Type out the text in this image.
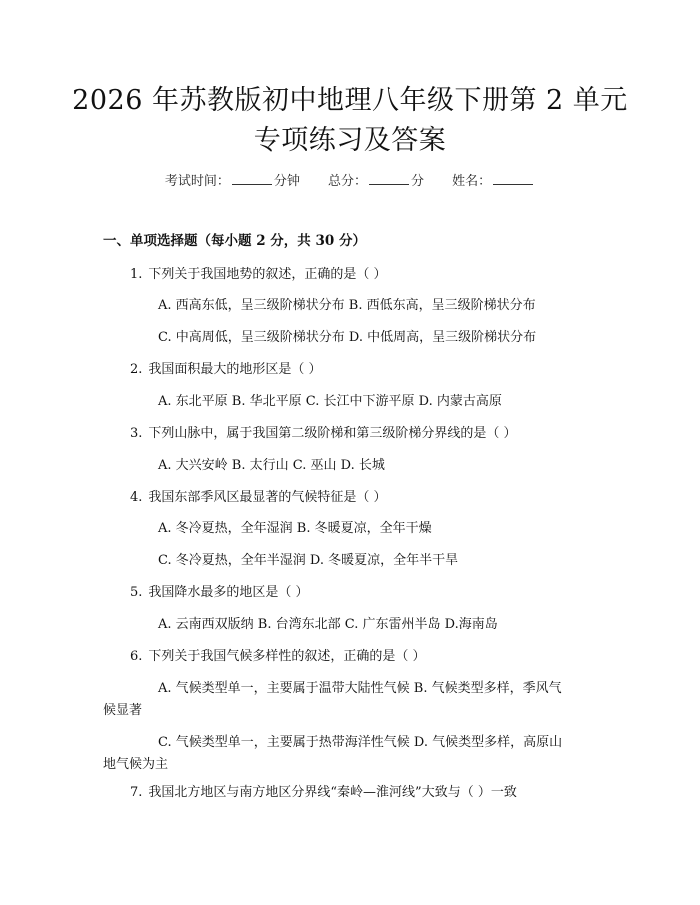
2026 年苏教版初中地理八年级下册第 2 单元
专项练习及答案
考试时间：	分钟 总分：	分 姓名：
一、单项选择题（每小题 2 分，共 30 分）
1. 下列关于我国地势的叙述，正确的是（ ）
A. 西高东低，呈三级阶梯状分布 B. 西低东高，呈三级阶梯状分布
C. 中高周低，呈三级阶梯状分布 D. 中低周高，呈三级阶梯状分布
2. 我国面积最大的地形区是（ ）
A. 东北平原 B. 华北平原 C. 长江中下游平原 D. 内蒙古高原
3. 下列山脉中，属于我国第二级阶梯和第三级阶梯分界线的是（ ）
A. 大兴安岭 B. 太行山 C. 巫山 D. 长城
4. 我国东部季风区最显著的气候特征是（ ）
A. 冬冷夏热，全年湿润 B. 冬暖夏凉，全年干燥
C. 冬冷夏热，全年半湿润 D. 冬暖夏凉，全年半干旱
5. 我国降水最多的地区是（ ）
A. 云南西双版纳 B. 台湾东北部 C. 广东雷州半岛 D.海南岛
6. 下列关于我国气候多样性的叙述，正确的是（ ）
A. 气候类型单一，主要属于温带大陆性气候 B. 气候类型多样，季风气
候显著
C. 气候类型单一，主要属于热带海洋性气候 D. 气候类型多样，高原山
地气候为主
7. 我国北方地区与南方地区分界线“秦岭—淮河线”大致与（ ）一致
